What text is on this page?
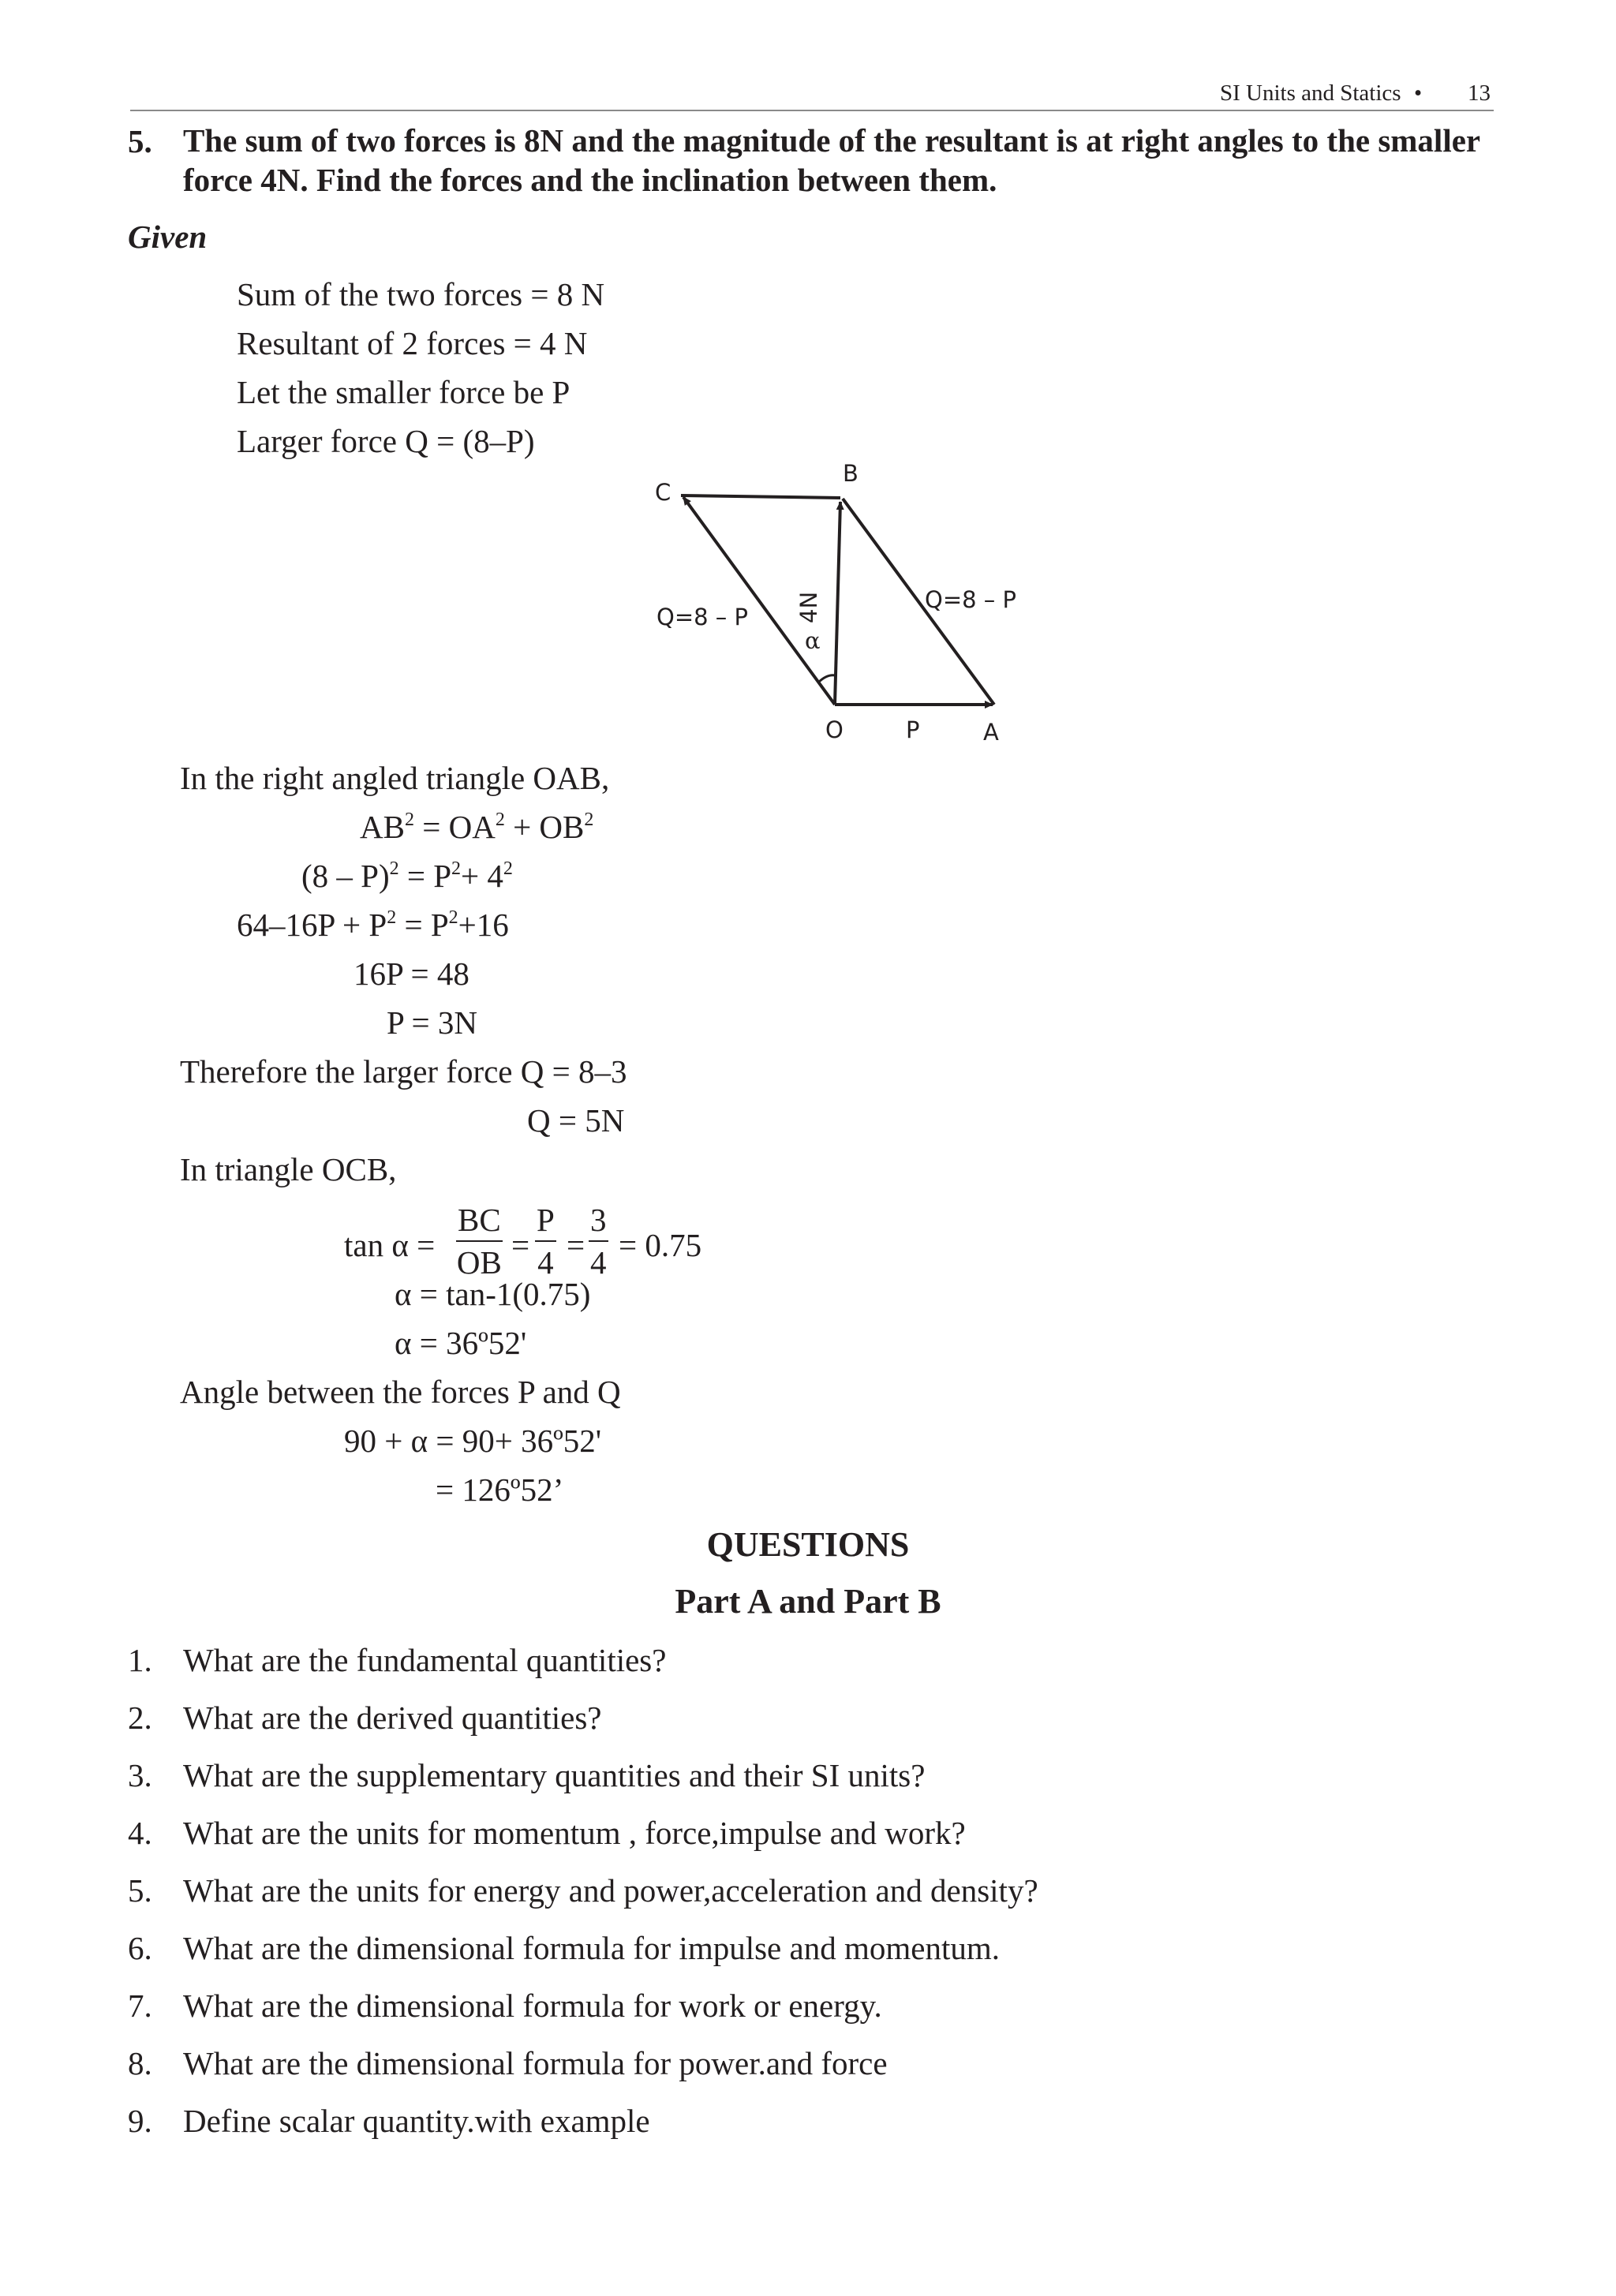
SI Units and Statics • 13
5. The sum of two forces is 8N and the magnitude of the resultant is at right angles to the smaller
force 4N. Find the forces and the inclination between them.
Given
Sum of the two forces = 8 N
Resultant of 2 forces = 4 N
Let the smaller force be P
Larger force Q = (8–P)
C
B
O	A
P
4N
Q=8 – P
Q=8 – P
α
In the right angled triangle OAB,
$AB^2 = OA^2 + OB^2$
$(8 - P)^2 = P^2+ 4^2$
$64-16P + P^2 = P^2+16$
16P = 48
P = 3N
Therefore the larger force Q = 8–3
Q = 5N
In triangle OCB,
$\tan \alpha = \frac{BC}{OB} = \frac{P}{4} = \frac{3}{4} = 0.75$
α = tan-1(0.75)
α = 36º52'
Angle between the forces P and Q
90 + α = 90+ 36º52'
= 126º52’
QUESTIONS
Part A and Part B
1. What are the fundamental quantities?
2. What are the derived quantities?
3. What are the supplementary quantities and their SI units?
4. What are the units for momentum , force,impulse and work?
5. What are the units for energy and power,acceleration and density?
6. What are the dimensional formula for impulse and momentum.
7. What are the dimensional formula for work or energy.
8. What are the dimensional formula for power.and force
9. Define scalar quantity.with example
